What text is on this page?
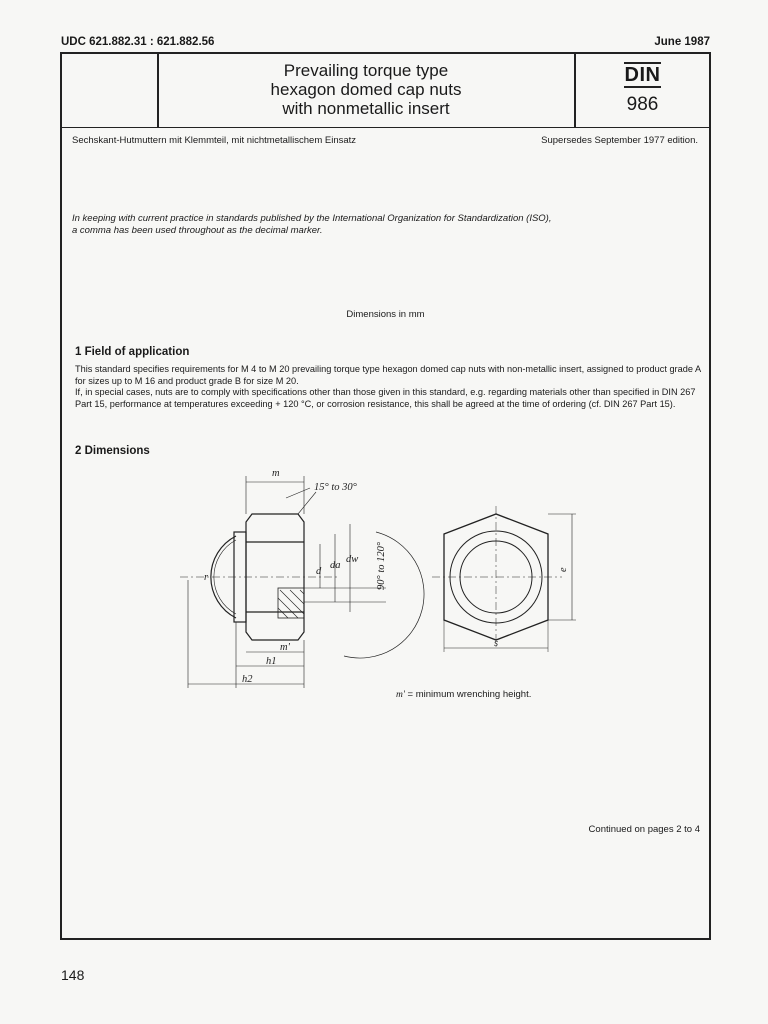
UDC 621.882.31 : 621.882.56	June 1987
Prevailing torque type
hexagon domed cap nuts
with nonmetallic insert
DIN
986
Sechskant-Hutmuttern mit Klemmteil, mit nichtmetallischem Einsatz	Supersedes September 1977 edition.
In keeping with current practice in standards published by the International Organization for Standardization (ISO),
a comma has been used throughout as the decimal marker.
Dimensions in mm
1 Field of application
This standard specifies requirements for M 4 to M 20 prevailing torque type hexagon domed cap nuts with non-metallic insert, assigned to product grade A for sizes up to M 16 and product grade B for size M 20.
If, in special cases, nuts are to comply with specifications other than those given in this standard, e.g. regarding materials other than specified in DIN 267 Part 15, performance at temperatures exceeding + 120 °C, or corrosion resistance, this shall be agreed at the time of ordering (cf. DIN 267 Part 15).
2 Dimensions
m
15° to 30°
r
d
da
dw 90° to 120°
m'
h1
h2
e
s
m' = minimum wrenching height.
Continued on pages 2 to 4
148
